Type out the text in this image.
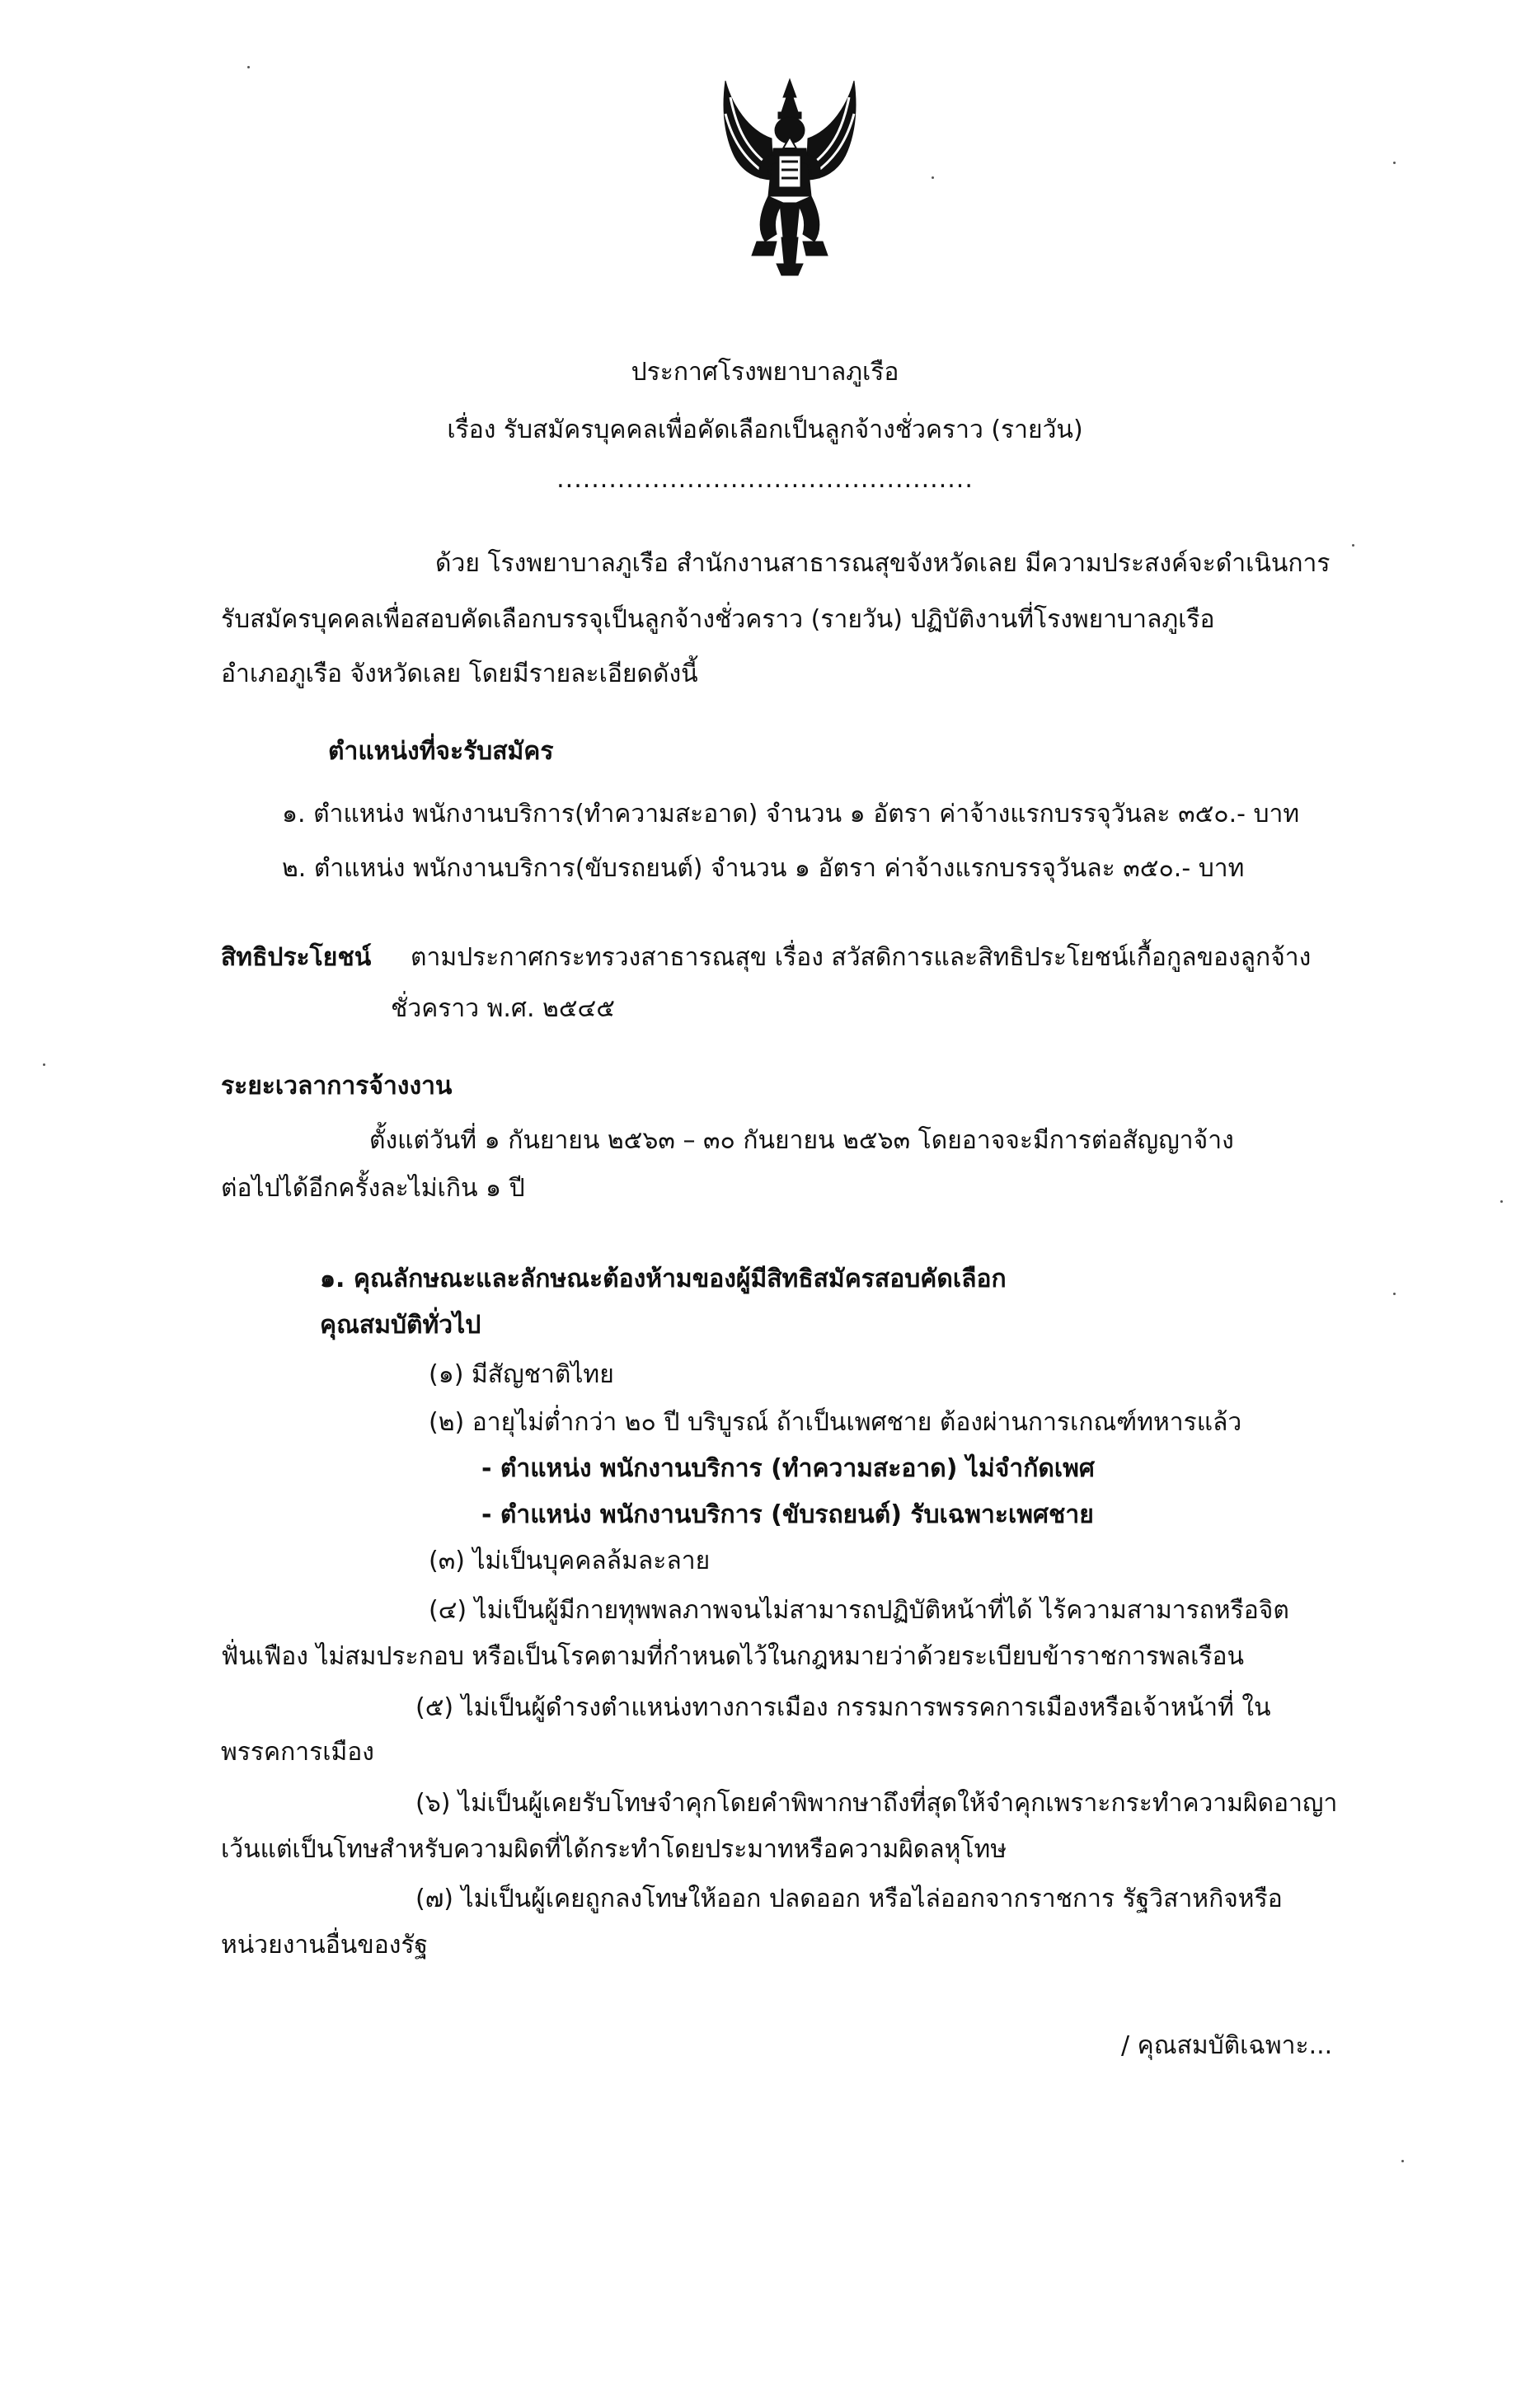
ประกาศโรงพยาบาลภูเรือ
เรื่อง รับสมัครบุคคลเพื่อคัดเลือกเป็นลูกจ้างชั่วคราว (รายวัน)
................................................
ด้วย โรงพยาบาลภูเรือ สำนักงานสาธารณสุขจังหวัดเลย มีความประสงค์จะดำเนินการ
รับสมัครบุคคลเพื่อสอบคัดเลือกบรรจุเป็นลูกจ้างชั่วคราว (รายวัน) ปฏิบัติงานที่โรงพยาบาลภูเรือ
อำเภอภูเรือ จังหวัดเลย โดยมีรายละเอียดดังนี้
ตำแหน่งที่จะรับสมัคร
๑. ตำแหน่ง พนักงานบริการ(ทำความสะอาด) จำนวน ๑ อัตรา ค่าจ้างแรกบรรจุวันละ ๓๕๐.- บาท
๒. ตำแหน่ง พนักงานบริการ(ขับรถยนต์) จำนวน ๑ อัตรา ค่าจ้างแรกบรรจุวันละ ๓๕๐.- บาท
สิทธิประโยชน์ ตามประกาศกระทรวงสาธารณสุข เรื่อง สวัสดิการและสิทธิประโยชน์เกื้อกูลของลูกจ้าง
ชั่วคราว พ.ศ. ๒๕๔๕
ระยะเวลาการจ้างงาน
ตั้งแต่วันที่ ๑ กันยายน ๒๕๖๓ – ๓๐ กันยายน ๒๕๖๓ โดยอาจจะมีการต่อสัญญาจ้าง
ต่อไปได้อีกครั้งละไม่เกิน ๑ ปี
๑. คุณลักษณะและลักษณะต้องห้ามของผู้มีสิทธิสมัครสอบคัดเลือก
คุณสมบัติทั่วไป
(๑) มีสัญชาติไทย
(๒) อายุไม่ต่ำกว่า ๒๐ ปี บริบูรณ์ ถ้าเป็นเพศชาย ต้องผ่านการเกณฑ์ทหารแล้ว
- ตำแหน่ง พนักงานบริการ (ทำความสะอาด) ไม่จำกัดเพศ
- ตำแหน่ง พนักงานบริการ (ขับรถยนต์) รับเฉพาะเพศชาย
(๓) ไม่เป็นบุคคลล้มละลาย
(๔) ไม่เป็นผู้มีกายทุพพลภาพจนไม่สามารถปฏิบัติหน้าที่ได้ ไร้ความสามารถหรือจิต
ฟั่นเฟือง ไม่สมประกอบ หรือเป็นโรคตามที่กำหนดไว้ในกฎหมายว่าด้วยระเบียบข้าราชการพลเรือน
(๕) ไม่เป็นผู้ดำรงตำแหน่งทางการเมือง กรรมการพรรคการเมืองหรือเจ้าหน้าที่ ใน
พรรคการเมือง
(๖) ไม่เป็นผู้เคยรับโทษจำคุกโดยคำพิพากษาถึงที่สุดให้จำคุกเพราะกระทำความผิดอาญา
เว้นแต่เป็นโทษสำหรับความผิดที่ได้กระทำโดยประมาทหรือความผิดลหุโทษ
(๗) ไม่เป็นผู้เคยถูกลงโทษให้ออก ปลดออก หรือไล่ออกจากราชการ รัฐวิสาหกิจหรือ
หน่วยงานอื่นของรัฐ
/ คุณสมบัติเฉพาะ...
